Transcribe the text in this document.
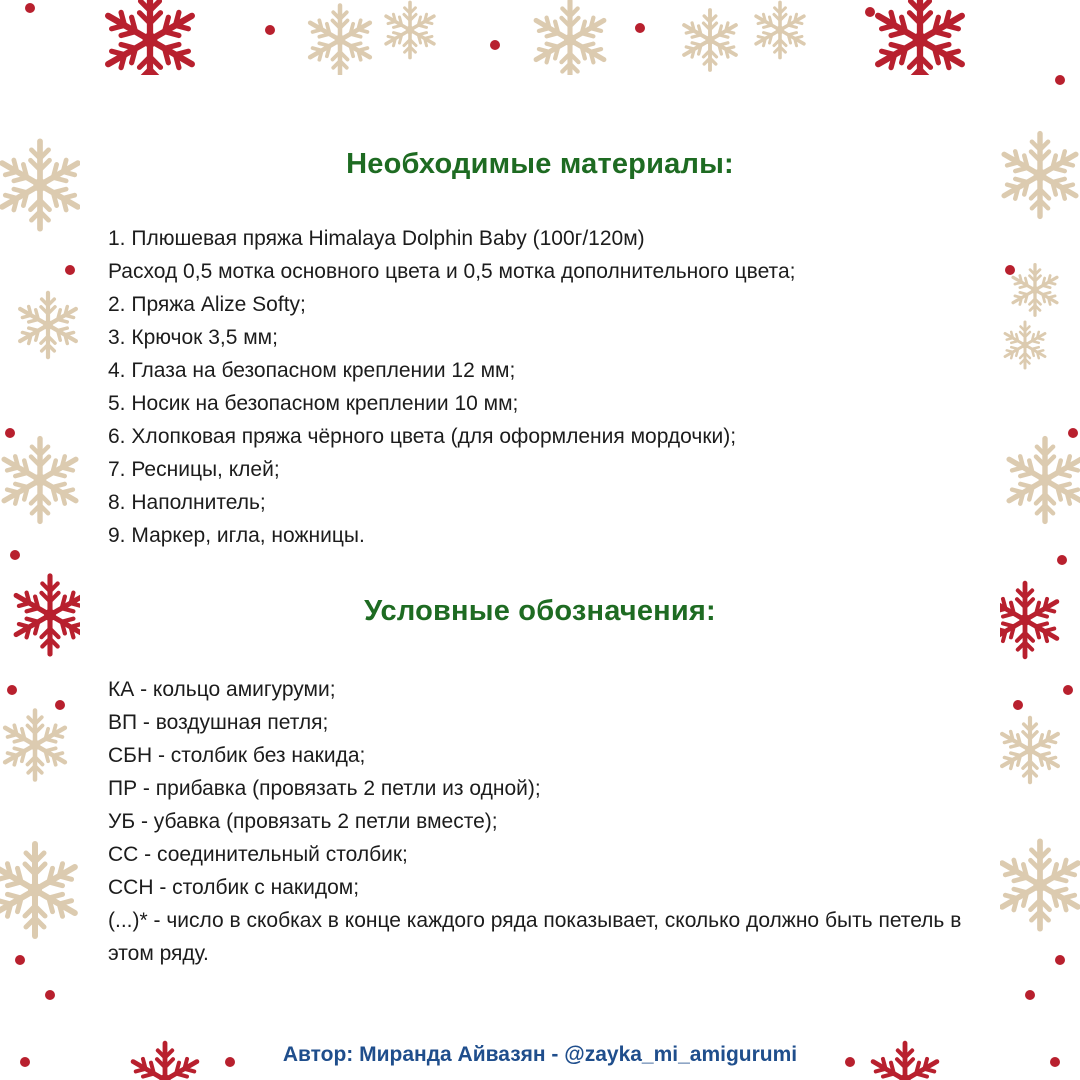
Необходимые материалы:
1. Плюшевая пряжа Himalaya Dolphin Baby (100г/120м)
Расход 0,5 мотка основного цвета и 0,5 мотка дополнительного цвета;
2. Пряжа Alize Softy;
3. Крючок 3,5 мм;
4. Глаза на безопасном креплении 12 мм;
5. Носик на безопасном креплении 10 мм;
6. Хлопковая пряжа чёрного цвета (для оформления мордочки);
7. Ресницы, клей;
8. Наполнитель;
9. Маркер, игла, ножницы.
Условные обозначения:
КА - кольцо амигуруми;
ВП - воздушная петля;
СБН - столбик без накида;
ПР - прибавка (провязать 2 петли из одной);
УБ - убавка (провязать 2 петли вместе);
СС - соединительный столбик;
ССН - столбик с накидом;
(...)* - число в скобках в конце каждого ряда показывает, сколько должно быть петель в этом ряду.
Автор: Миранда Айвазян - @zayka_mi_amigurumi
